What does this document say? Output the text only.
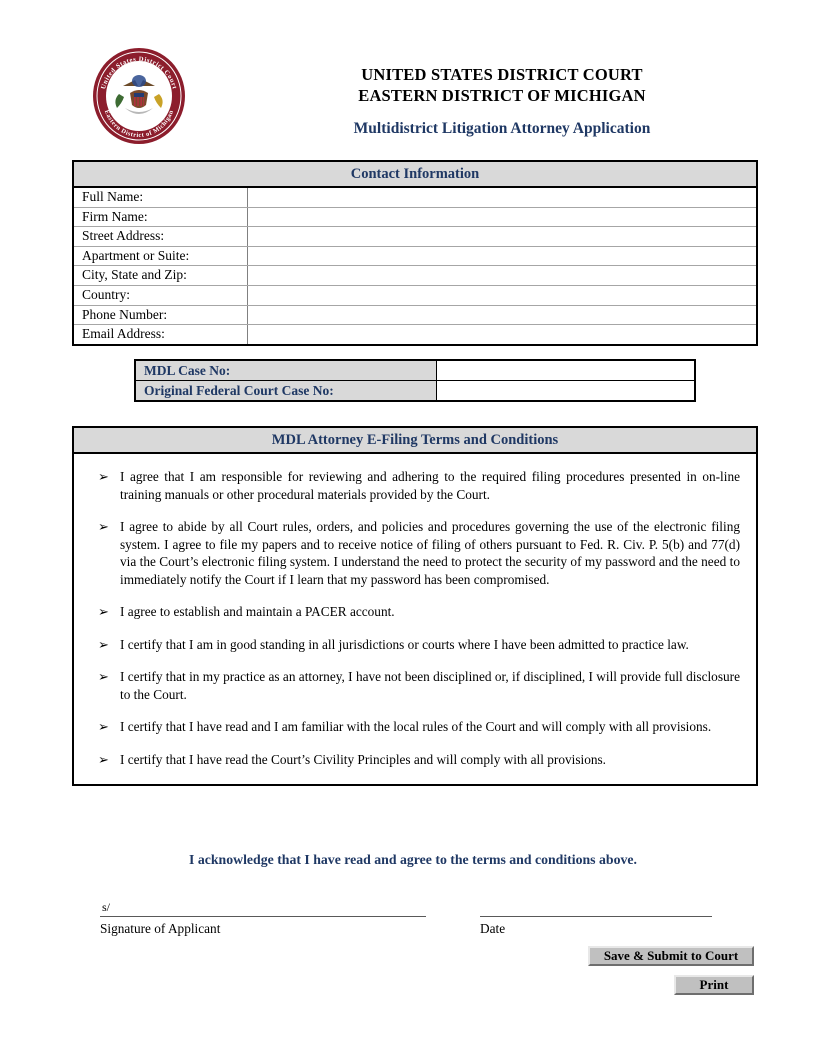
United States District Court
Eastern District of Michigan
UNITED STATES DISTRICT COURT
EASTERN DISTRICT OF MICHIGAN
Multidistrict Litigation Attorney Application
Contact Information	
Full Name:	
Firm Name:	
Street Address:	
Apartment or Suite:	
City, State and Zip:	
Country:	
Phone Number:	
Email Address:	
MDL Case No:	
Original Federal Court Case No:	
MDL Attorney E-Filing Terms and Conditions
➢ I agree that I am responsible for reviewing and adhering to the required filing procedures presented in on-line training manuals or other procedural materials provided by the Court.
➢ I agree to abide by all Court rules, orders, and policies and procedures governing the use of the electronic filing system. I agree to file my papers and to receive notice of filing of others pursuant to Fed. R. Civ. P. 5(b) and 77(d) via the Court’s electronic filing system. I understand the need to protect the security of my password and the need to immediately notify the Court if I learn that my password has been compromised.
➢ I agree to establish and maintain a PACER account.
➢ I certify that I am in good standing in all jurisdictions or courts where I have been admitted to practice law.
➢ I certify that in my practice as an attorney, I have not been disciplined or, if disciplined, I will provide full disclosure to the Court.
➢ I certify that I have read and I am familiar with the local rules of the Court and will comply with all provisions.
➢ I certify that I have read the Court’s Civility Principles and will comply with all provisions.
I acknowledge that I have read and agree to the terms and conditions above.
s/
Signature of Applicant
	Date
Save & Submit to Court
Print
